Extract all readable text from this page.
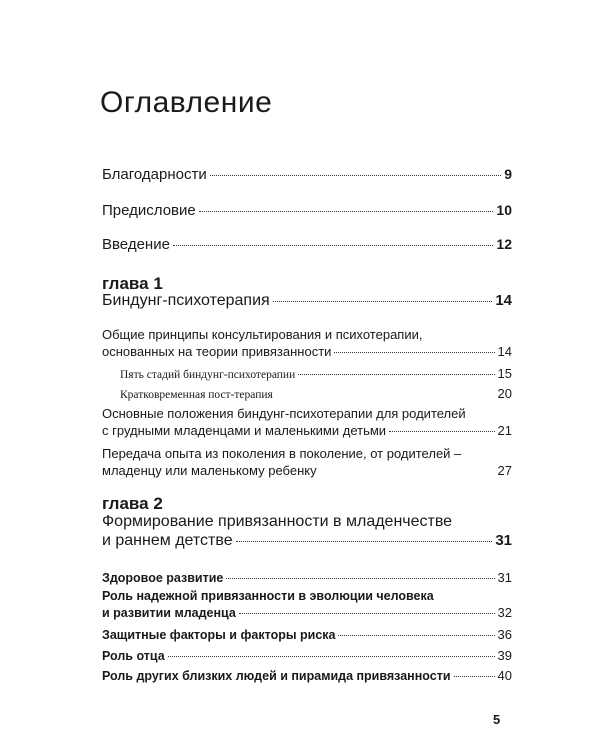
Оглавление
Благодарности	9
Предисловие	10
Введение	12
глава 1
Биндунг-психотерапия	14
Общие принципы консультирования и психотерапии,
основанных на теории привязанности	14
Пять стадий биндунг-психотерапии	15
Кратковременная пост-терапия	20
Основные положения биндунг-психотерапии для родителей
с грудными младенцами и маленькими детьми	21
Передача опыта из поколения в поколение, от родителей –
младенцу или маленькому ребенку	27
глава 2
Формирование привязанности в младенчестве
и раннем детстве	31
Здоровое развитие	31
Роль надежной привязанности в эволюции человека
и развитии младенца	32
Защитные факторы и факторы риска	36
Роль отца	39
Роль других близких людей и пирамида привязанности	40
5
